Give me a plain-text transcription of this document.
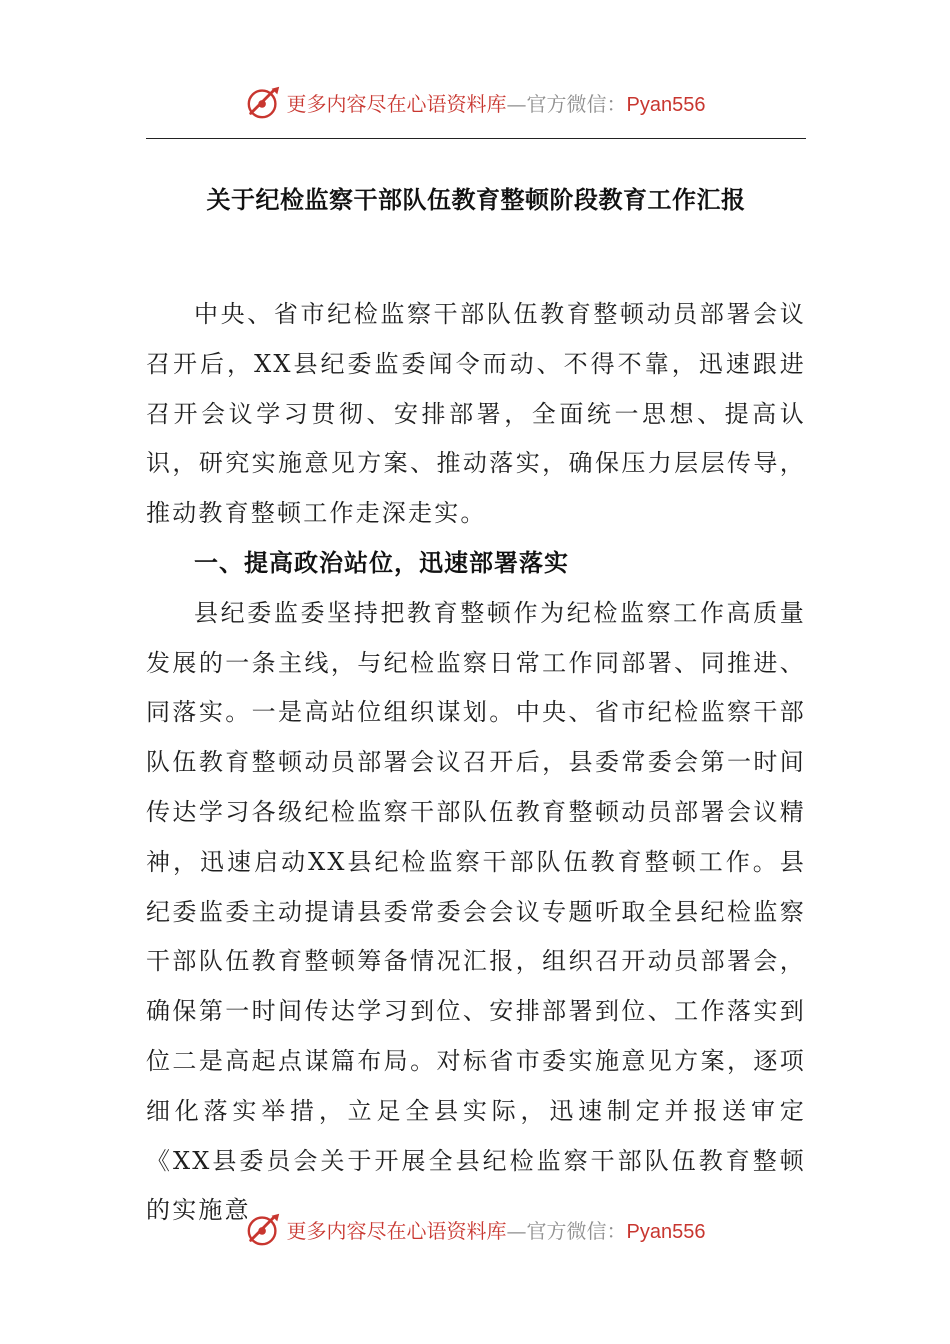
更多内容尽在心语资料库—官方微信：Pyan556
关于纪检监察干部队伍教育整顿阶段教育工作汇报

中央、省市纪检监察干部队伍教育整顿动员部署会议召开后，XX县纪委监委闻令而动、不得不靠，迅速跟进召开会议学习贯彻、安排部署，全面统一思想、提高认识，研究实施意见方案、推动落实，确保压力层层传导，推动教育整顿工作走深走实。

一、提高政治站位，迅速部署落实

县纪委监委坚持把教育整顿作为纪检监察工作高质量发展的一条主线，与纪检监察日常工作同部署、同推进、同落实。一是高站位组织谋划。中央、省市纪检监察干部队伍教育整顿动员部署会议召开后，县委常委会第一时间传达学习各级纪检监察干部队伍教育整顿动员部署会议精神，迅速启动XX县纪检监察干部队伍教育整顿工作。县纪委监委主动提请县委常委会会议专题听取全县纪检监察干部队伍教育整顿筹备情况汇报，组织召开动员部署会，确保第一时间传达学习到位、安排部署到位、工作落实到位二是高起点谋篇布局。对标省市委实施意见方案，逐项细化落实举措，立足全县实际，迅速制定并报送审定《XX县委员会关于开展全县纪检监察干部队伍教育整顿的实施意

更多内容尽在心语资料库—官方微信：Pyan556
